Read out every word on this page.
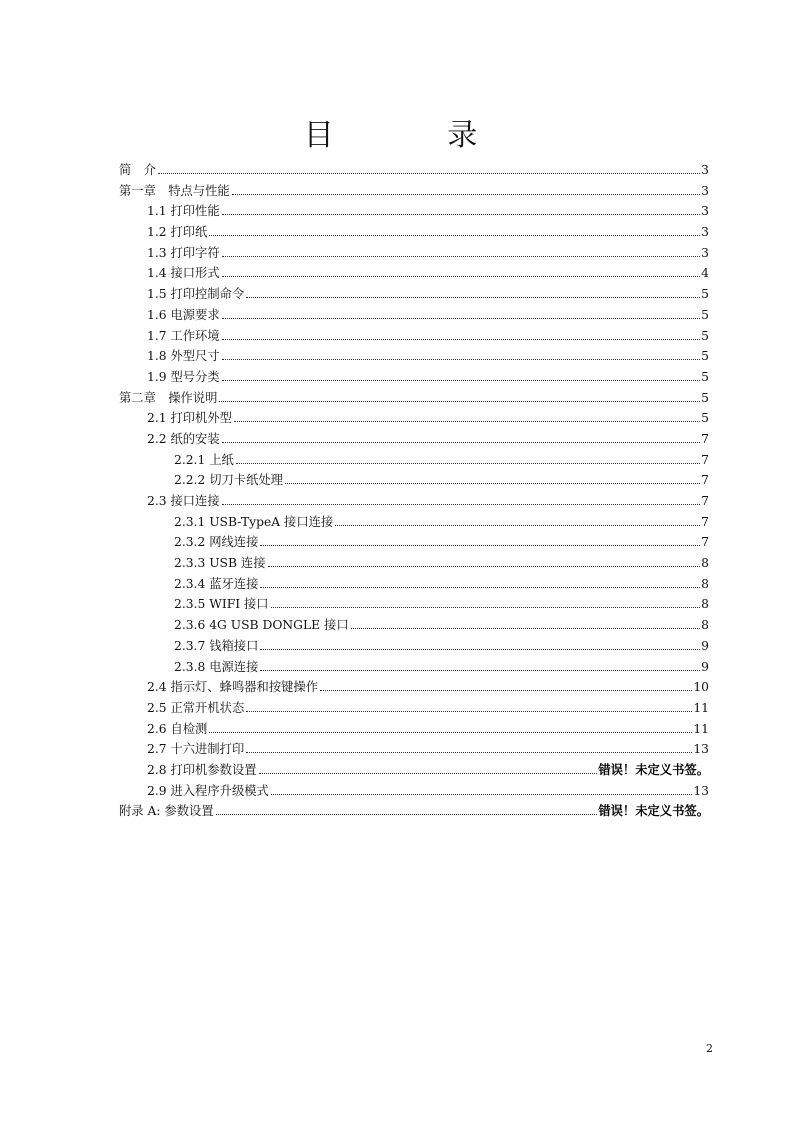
目 录
简　介	3
第一章　特点与性能	3
1.1 打印性能	3
1.2 打印纸	3
1.3 打印字符	3
1.4 接口形式	4
1.5 打印控制命令	5
1.6 电源要求	5
1.7 工作环境	5
1.8 外型尺寸	5
1.9 型号分类	5
第二章　操作说明	5
2.1 打印机外型	5
2.2 纸的安装	7
2.2.1 上纸	7
2.2.2 切刀卡纸处理	7
2.3 接口连接	7
2.3.1 USB-TypeA 接口连接	7
2.3.2 网线连接	7
2.3.3 USB 连接	8
2.3.4 蓝牙连接	8
2.3.5 WIFI 接口	8
2.3.6 4G USB DONGLE 接口	8
2.3.7 钱箱接口	9
2.3.8 电源连接	9
2.4 指示灯、蜂鸣器和按键操作	10
2.5 正常开机状态	11
2.6 自检测	11
2.7 十六进制打印	13
2.8 打印机参数设置	错误！未定义书签。
2.9 进入程序升级模式	13
附录 A: 参数设置	错误！未定义书签。
2
